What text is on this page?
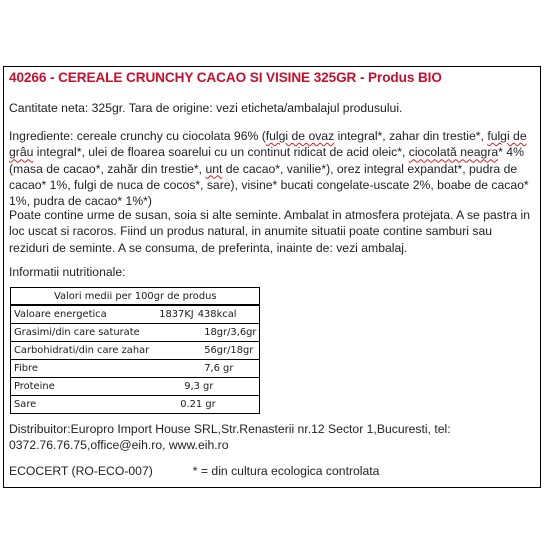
40266 - CEREALE CRUNCHY CACAO SI VISINE 325GR - Produs BIO

Cantitate neta: 325gr. Tara de origine: vezi eticheta/ambalajul produsului.

Ingrediente: cereale crunchy cu ciocolata 96% (fulgi de ovaz integral*, zahar din trestie*, fulgi de grâu integral*, ulei de floarea soarelui cu un continut ridicat de acid oleic*, ciocolată neagra* 4% (masa de cacao*, zahăr din trestie*, unt de cacao*, vanilie*), orez integral expandat*, pudra de cacao* 1%, fulgi de nuca de cocos*, sare), visine* bucati congelate-uscate 2%, boabe de cacao* 1%, pudra de cacao* 1%*)

Poate contine urme de susan, soia si alte seminte. Ambalat in atmosfera protejata. A se pastra in loc uscat si racoros. Fiind un produs natural, in anumite situatii poate contine samburi sau reziduri de seminte. A se consuma, de preferinta, inainte de: vezi ambalaj.

Informatii nutritionale:

Valori medii per 100gr de produs	
Valoare energetica	1837KJ 438kcal
Grasimi/din care saturate	18gr/3,6gr
Carbohidrati/din care zahar	56gr/18gr
Fibre	7,6 gr
Proteine	9,3 gr
Sare	0.21 gr

Distribuitor:Europro Import House SRL,Str.Renasterii nr.12 Sector 1,Bucuresti, tel: 0372.76.76.75,office@eih.ro, www.eih.ro

ECOCERT (RO-ECO-007)	* = din cultura ecologica controlata
